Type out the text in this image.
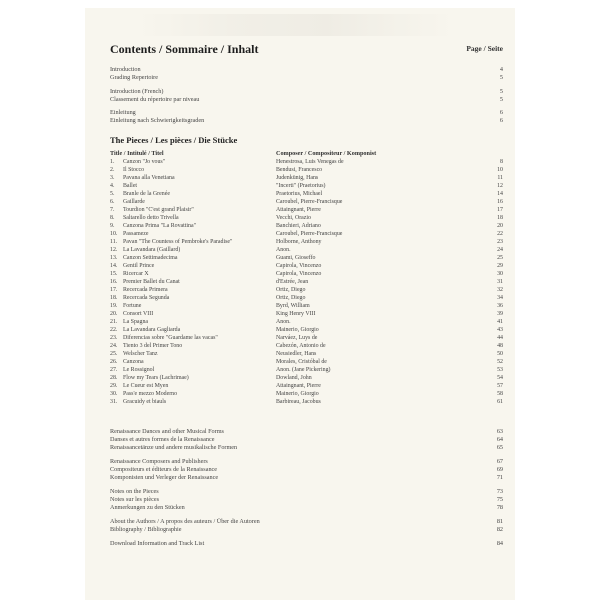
Contents / Sommaire / Inhalt	Page / Seite
Introduction	4
Grading Repertoire	5
Introduction (French)	5
Classement du répertoire par niveau	5
Einleitung	6
Einleitung nach Schwierigkeitsgraden	6
The Pieces / Les pièces / Die Stücke
Title / Intitulé / Titel	Composer / Compositeur / Komponist
1.	Canzon "Jo vous"	Henestrosa, Luis Venegas de	8
2.	Il Stocco	Bendusi, Francesco	10
3.	Pavana alla Venetiana	Judenkünig, Hans	11
4.	Ballet	"Incerti" (Praetorius)	12
5.	Branle de la Grenée	Praetorius, Michael	14
6.	Gaillarde	Caroubel, Pierre-Francisque	16
7.	Tourdion "C'est grand Plaisir"	Attaingnant, Pierre	17
8.	Saltarello detto Trivella	Vecchi, Orazio	18
9.	Canzona Prima "La Rovattina"	Banchieri, Adriano	20
10. Passameze	Caroubel, Pierre-Francisque	22
11. Pavan "The Countess of Pembroke's Paradise"	Holborne, Anthony	23
12. La Lavandara (Gaillard)	Anon.	24
13. Canzon Settimadecima	Guami, Gioseffo	25
14. Gentil Prince	Capirola, Vincenzo	29
15. Ricercar X	Capirola, Vincenzo	30
16. Premier Ballet du Canat	d'Estrée, Jean	31
17. Recercada Primera	Ortiz, Diego	32
18. Recercada Segunda	Ortiz, Diego	34
19. Fortune	Byrd, William	36
20. Consort VIII	King Henry VIII	39
21. La Spagna	Anon.	41
22. La Lavandara Gagliarda	Mainerio, Giorgio	43
23. Diferencias sobre "Guardame las vacas"	Narváez, Luys de	44
24. Tiento 3 del Primer Tono	Cabezón, Antonio de	48
25. Welscher Tanz	Neusiedler, Hans	50
26. Canzona	Morales, Cristóbal de	52
27. Le Rossignol	Anon. (Jane Pickering)	53
28. Flow my Tears (Lachrimae)	Dowland, John	54
29. Le Cueur est Myen	Attaingnant, Pierre	57
30. Pass'e mezzo Moderno	Mainerio, Giorgio	58
31. Gracuidy et biauls	Barbireau, Jacobus	61
Renaissance Dances and other Musical Forms	63
Danses et autres formes de la Renaissance	64
Renaissancetänze und andere musikalische Formen	65
Renaissance Composers and Publishers	67
Compositeurs et éditeurs de la Renaissance	69
Komponisten und Verleger der Renaissance	71
Notes on the Pieces	73
Notes sur les pièces	75
Anmerkungen zu den Stücken	78
About the Authors / A propos des auteurs / Über die Autoren	81
Bibliography / Bibliographie	82
Download Information and Track List	84
